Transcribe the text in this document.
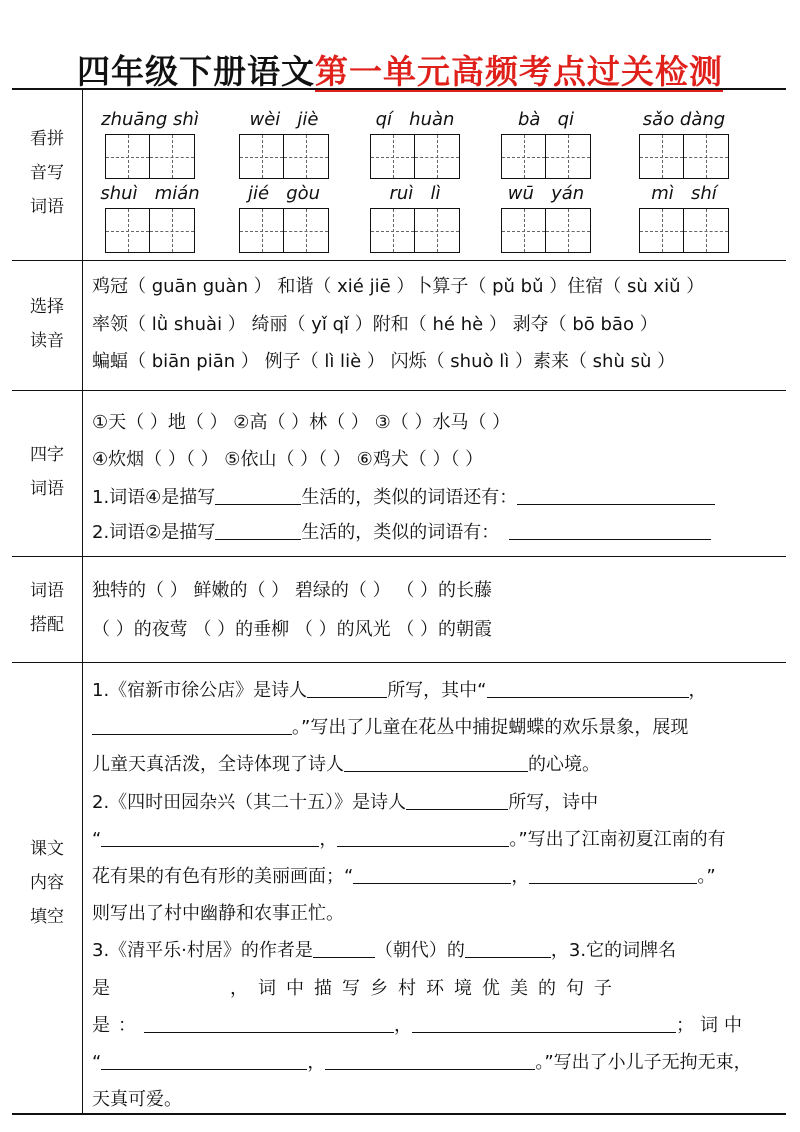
四年级下册语文第一单元高频考点过关检测
看拼
音写
词语
zhuāng shì	wèi   jiè	qí   huàn	bà   qi	sǎo dàng
shuì   mián	jié   gòu	ruì   lì	wū   yán	mì   shí
选择
读音
鸡冠（ guān guàn ） 和谐（ xié jiē ）卜算子（ pǔ bǔ ）住宿（ sù xiǔ ）
率领（ lǜ shuài ） 绮丽（ yǐ qǐ ）附和（ hé hè ） 剥夺（ bō bāo ）
蝙蝠（ biān piān ） 例子（ lì liè ） 闪烁（ shuò lì ）素来（ shù sù ）
四字
词语
①天（ ）地（ ） ②高（ ）林（ ） ③（ ）水马（ ）
④炊烟（ ）（ ） ⑤依山（ ）（ ） ⑥鸡犬（ ）（ ）
1.词语④是描写	生活的，类似的词语还有：
2.词语②是描写	生活的，类似的词语有：
词语
搭配
独特的（ ） 鲜嫩的（ ） 碧绿的（ ） （ ）的长藤
（ ）的夜莺 （ ）的垂柳 （ ）的风光 （ ）的朝霞
课文
内容
填空
1.《宿新市徐公店》是诗人	所写，其中“	，
。”写出了儿童在花丛中捕捉蝴蝶的欢乐景象，展现
儿童天真活泼，全诗体现了诗人	的心境。
2.《四时田园杂兴（其二十五）》是诗人	所写，诗中
“	，	。”写出了江南初夏江南的有
花有果的有色有形的美丽画面；“	，	。”
则写出了村中幽静和农事正忙。
3.《清平乐·村居》的作者是	（朝代）的	，3.它的词牌名
是	，词中描写乡村环境优美的句子
是：	，	；词中
“	，	。”写出了小儿子无拘无束，
天真可爱。
